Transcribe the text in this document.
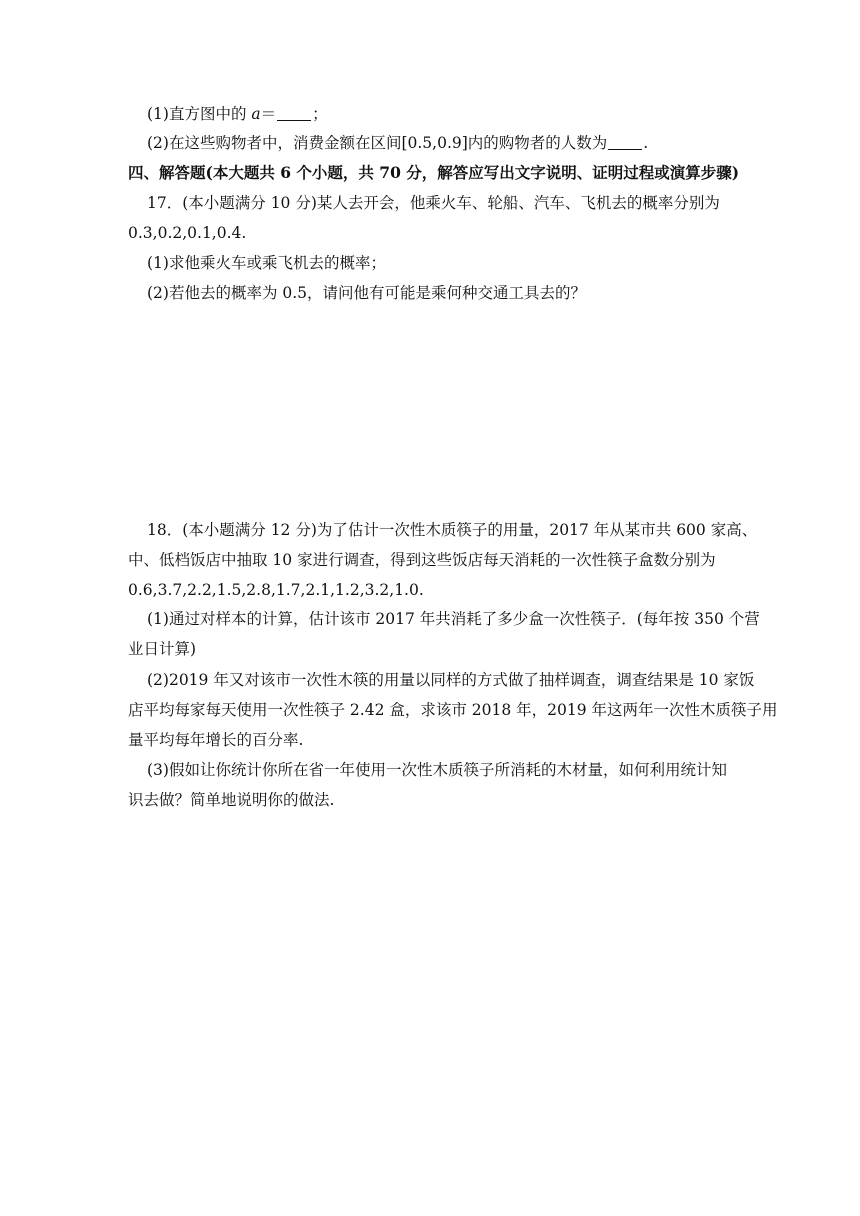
(1)直方图中的 a＝ ；
(2)在这些购物者中，消费金额在区间[0.5,0.9]内的购物者的人数为 .
四、解答题(本大题共 6 个小题，共 70 分，解答应写出文字说明、证明过程或演算步骤)
17．(本小题满分 10 分)某人去开会，他乘火车、轮船、汽车、飞机去的概率分别为
0.3,0.2,0.1,0.4.
(1)求他乘火车或乘飞机去的概率；
(2)若他去的概率为 0.5，请问他有可能是乘何种交通工具去的？
18．(本小题满分 12 分)为了估计一次性木质筷子的用量，2017 年从某市共 600 家高、
中、低档饭店中抽取 10 家进行调查，得到这些饭店每天消耗的一次性筷子盒数分别为
0.6,3.7,2.2,1.5,2.8,1.7,2.1,1.2,3.2,1.0.
(1)通过对样本的计算，估计该市 2017 年共消耗了多少盒一次性筷子．(每年按 350 个营
业日计算)
(2)2019 年又对该市一次性木筷的用量以同样的方式做了抽样调查，调查结果是 10 家饭
店平均每家每天使用一次性筷子 2.42 盒，求该市 2018 年，2019 年这两年一次性木质筷子用
量平均每年增长的百分率.
(3)假如让你统计你所在省一年使用一次性木质筷子所消耗的木材量，如何利用统计知
识去做？简单地说明你的做法.
